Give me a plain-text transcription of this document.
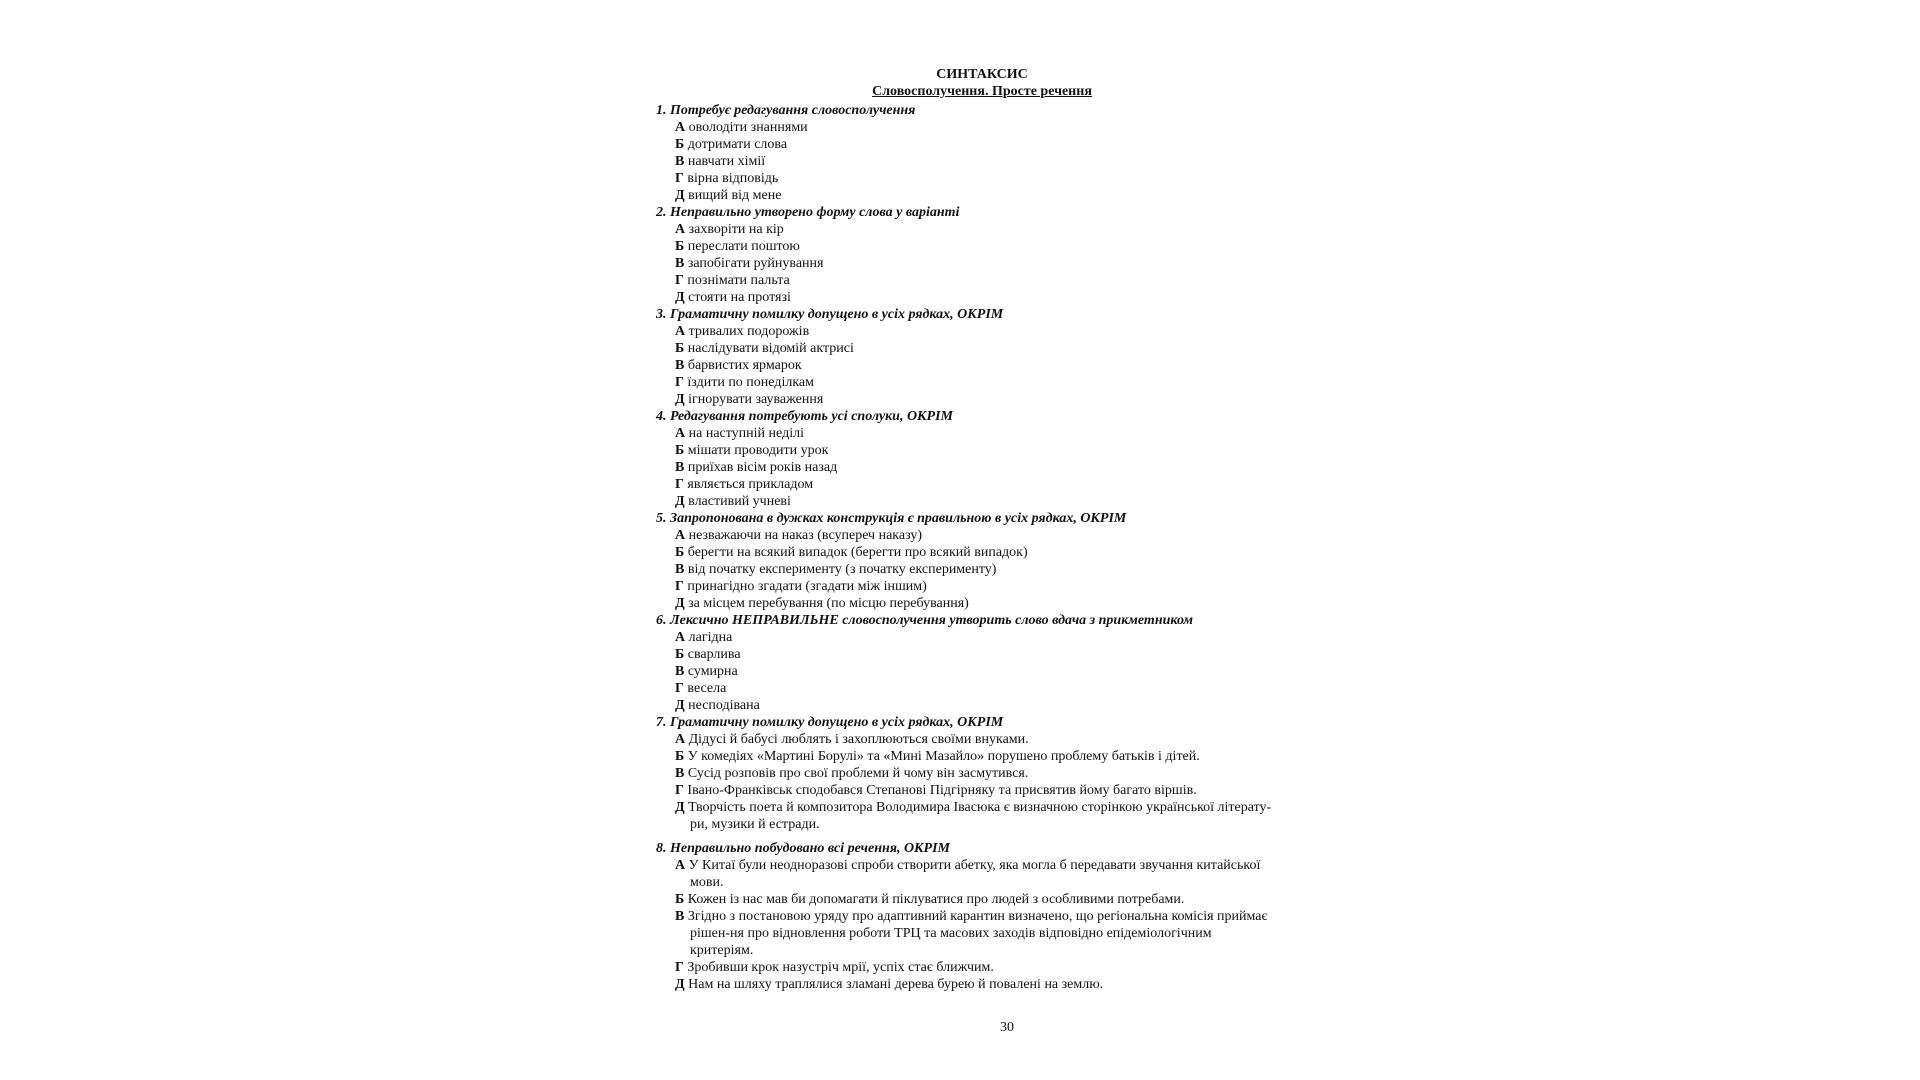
СИНТАКСИС
Словосполучення. Просте речення
1. Потребує редагування словосполучення
А оволодіти знаннями
Б дотримати слова
В навчати хімії
Г вірна відповідь
Д вищий від мене
2. Неправильно утворено форму слова у варіанті
А захворіти на кір
Б переслати поштою
В запобігати руйнування
Г познімати пальта
Д стояти на протязі
3. Граматичну помилку допущено в усіх рядках, ОКРІМ
А тривалих подорожів
Б наслідувати відомій актрисі
В барвистих ярмарок
Г їздити по понеділкам
Д ігнорувати зауваження
4. Редагування потребують усі сполуки, ОКРІМ
А на наступній неділі
Б мішати проводити урок
В приїхав вісім років назад
Г являється прикладом
Д властивий учневі
5. Запропонована в дужках конструкція є правильною в усіх рядках, ОКРІМ
А незважаючи на наказ (всупереч наказу)
Б берегти на всякий випадок (берегти про всякий випадок)
В від початку експерименту (з початку експерименту)
Г принагідно згадати (згадати між іншим)
Д за місцем перебування (по місцю перебування)
6. Лексично НЕПРАВИЛЬНЕ словосполучення утворить слово вдача з прикметником
А лагідна
Б сварлива
В сумирна
Г весела
Д несподівана
7. Граматичну помилку допущено в усіх рядках, ОКРІМ
А Дідусі й бабусі люблять і захоплюються своїми внуками.
Б У комедіях «Мартині Борулі» та «Мині Мазайло» порушено проблему батьків і дітей.
В Сусід розповів про свої проблеми й чому він засмутився.
Г Івано-Франківськ сподобався Степанові Підгірняку та присвятив йому багато віршів.
Д Творчість поета й композитора Володимира Івасюка є визначною сторінкою української літерату-ри, музики й естради.
8. Неправильно побудовано всі речення, ОКРІМ
А У Китаї були неодноразові спроби створити абетку, яка могла б передавати звучання китайської мови.
Б Кожен із нас мав би допомагати й піклуватися про людей з особливими потребами.
В Згідно з постановою уряду про адаптивний карантин визначено, що регіональна комісія приймає рішен-ня про відновлення роботи ТРЦ та масових заходів відповідно епідеміологічним критеріям.
Г Зробивши крок назустріч мрії, успіх стає ближчим.
Д Нам на шляху траплялися зламані дерева бурею й повалені на землю.
30
